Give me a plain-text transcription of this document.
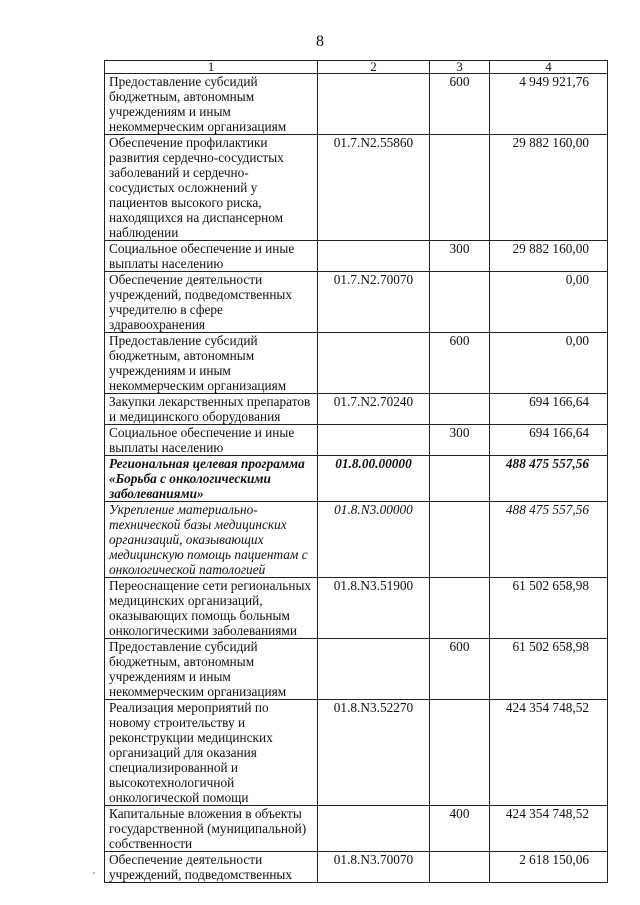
8
1	2	3	4
Предоставление субсидий бюджетным, автономным учреждениям и иным некоммерческим организациям		600	4 949 921,76
Обеспечение профилактики развития сердечно-сосудистых заболеваний и сердечно-сосудистых осложнений у пациентов высокого риска, находящихся на диспансерном наблюдении	01.7.N2.55860		29 882 160,00
Социальное обеспечение и иные выплаты населению		300	29 882 160,00
Обеспечение деятельности учреждений, подведомственных учредителю в сфере здравоохранения	01.7.N2.70070		0,00
Предоставление субсидий бюджетным, автономным учреждениям и иным некоммерческим организациям		600	0,00
Закупки лекарственных препаратов и медицинского оборудования	01.7.N2.70240		694 166,64
Социальное обеспечение и иные выплаты населению		300	694 166,64
Региональная целевая программа «Борьба с онкологическими заболеваниями»	01.8.00.00000		488 475 557,56
Укрепление материально-технической базы медицинских организаций, оказывающих медицинскую помощь пациентам с онкологической патологией	01.8.N3.00000		488 475 557,56
Переоснащение сети региональных медицинских организаций, оказывающих помощь больным онкологическими заболеваниями	01.8.N3.51900		61 502 658,98
Предоставление субсидий бюджетным, автономным учреждениям и иным некоммерческим организациям		600	61 502 658,98
Реализация мероприятий по новому строительству и реконструкции медицинских организаций для оказания специализированной и высокотехнологичной онкологической помощи	01.8.N3.52270		424 354 748,52
Капитальные вложения в объекты государственной (муниципальной) собственности		400	424 354 748,52
Обеспечение деятельности учреждений, подведомственных	01.8.N3.70070		2 618 150,06
